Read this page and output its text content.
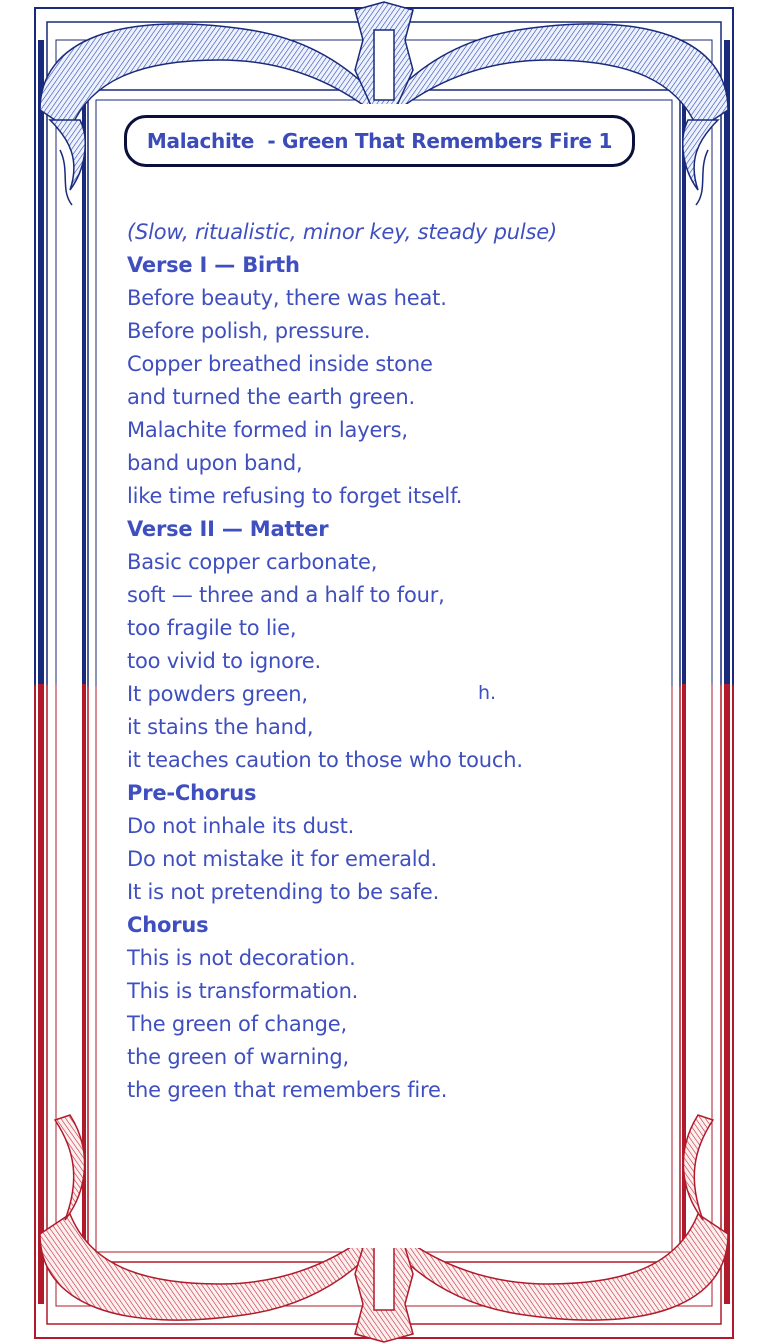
Malachite  - Green That Remembers Fire 1
(Slow, ritualistic, minor key, steady pulse)
Verse I — Birth
Before beauty, there was heat.
Before polish, pressure.
Copper breathed inside stone
and turned the earth green.
Malachite formed in layers,
band upon band,
like time refusing to forget itself.
Verse II — Matter
Basic copper carbonate,
soft — three and a half to four,
too fragile to lie,
too vivid to ignore.
It powders green,
it stains the hand,
it teaches caution to those who touch.
Pre-Chorus
Do not inhale its dust.
Do not mistake it for emerald.
It is not pretending to be safe.
Chorus
This is not decoration.
This is transformation.
The green of change,
the green of warning,
the green that remembers fire.
h.
